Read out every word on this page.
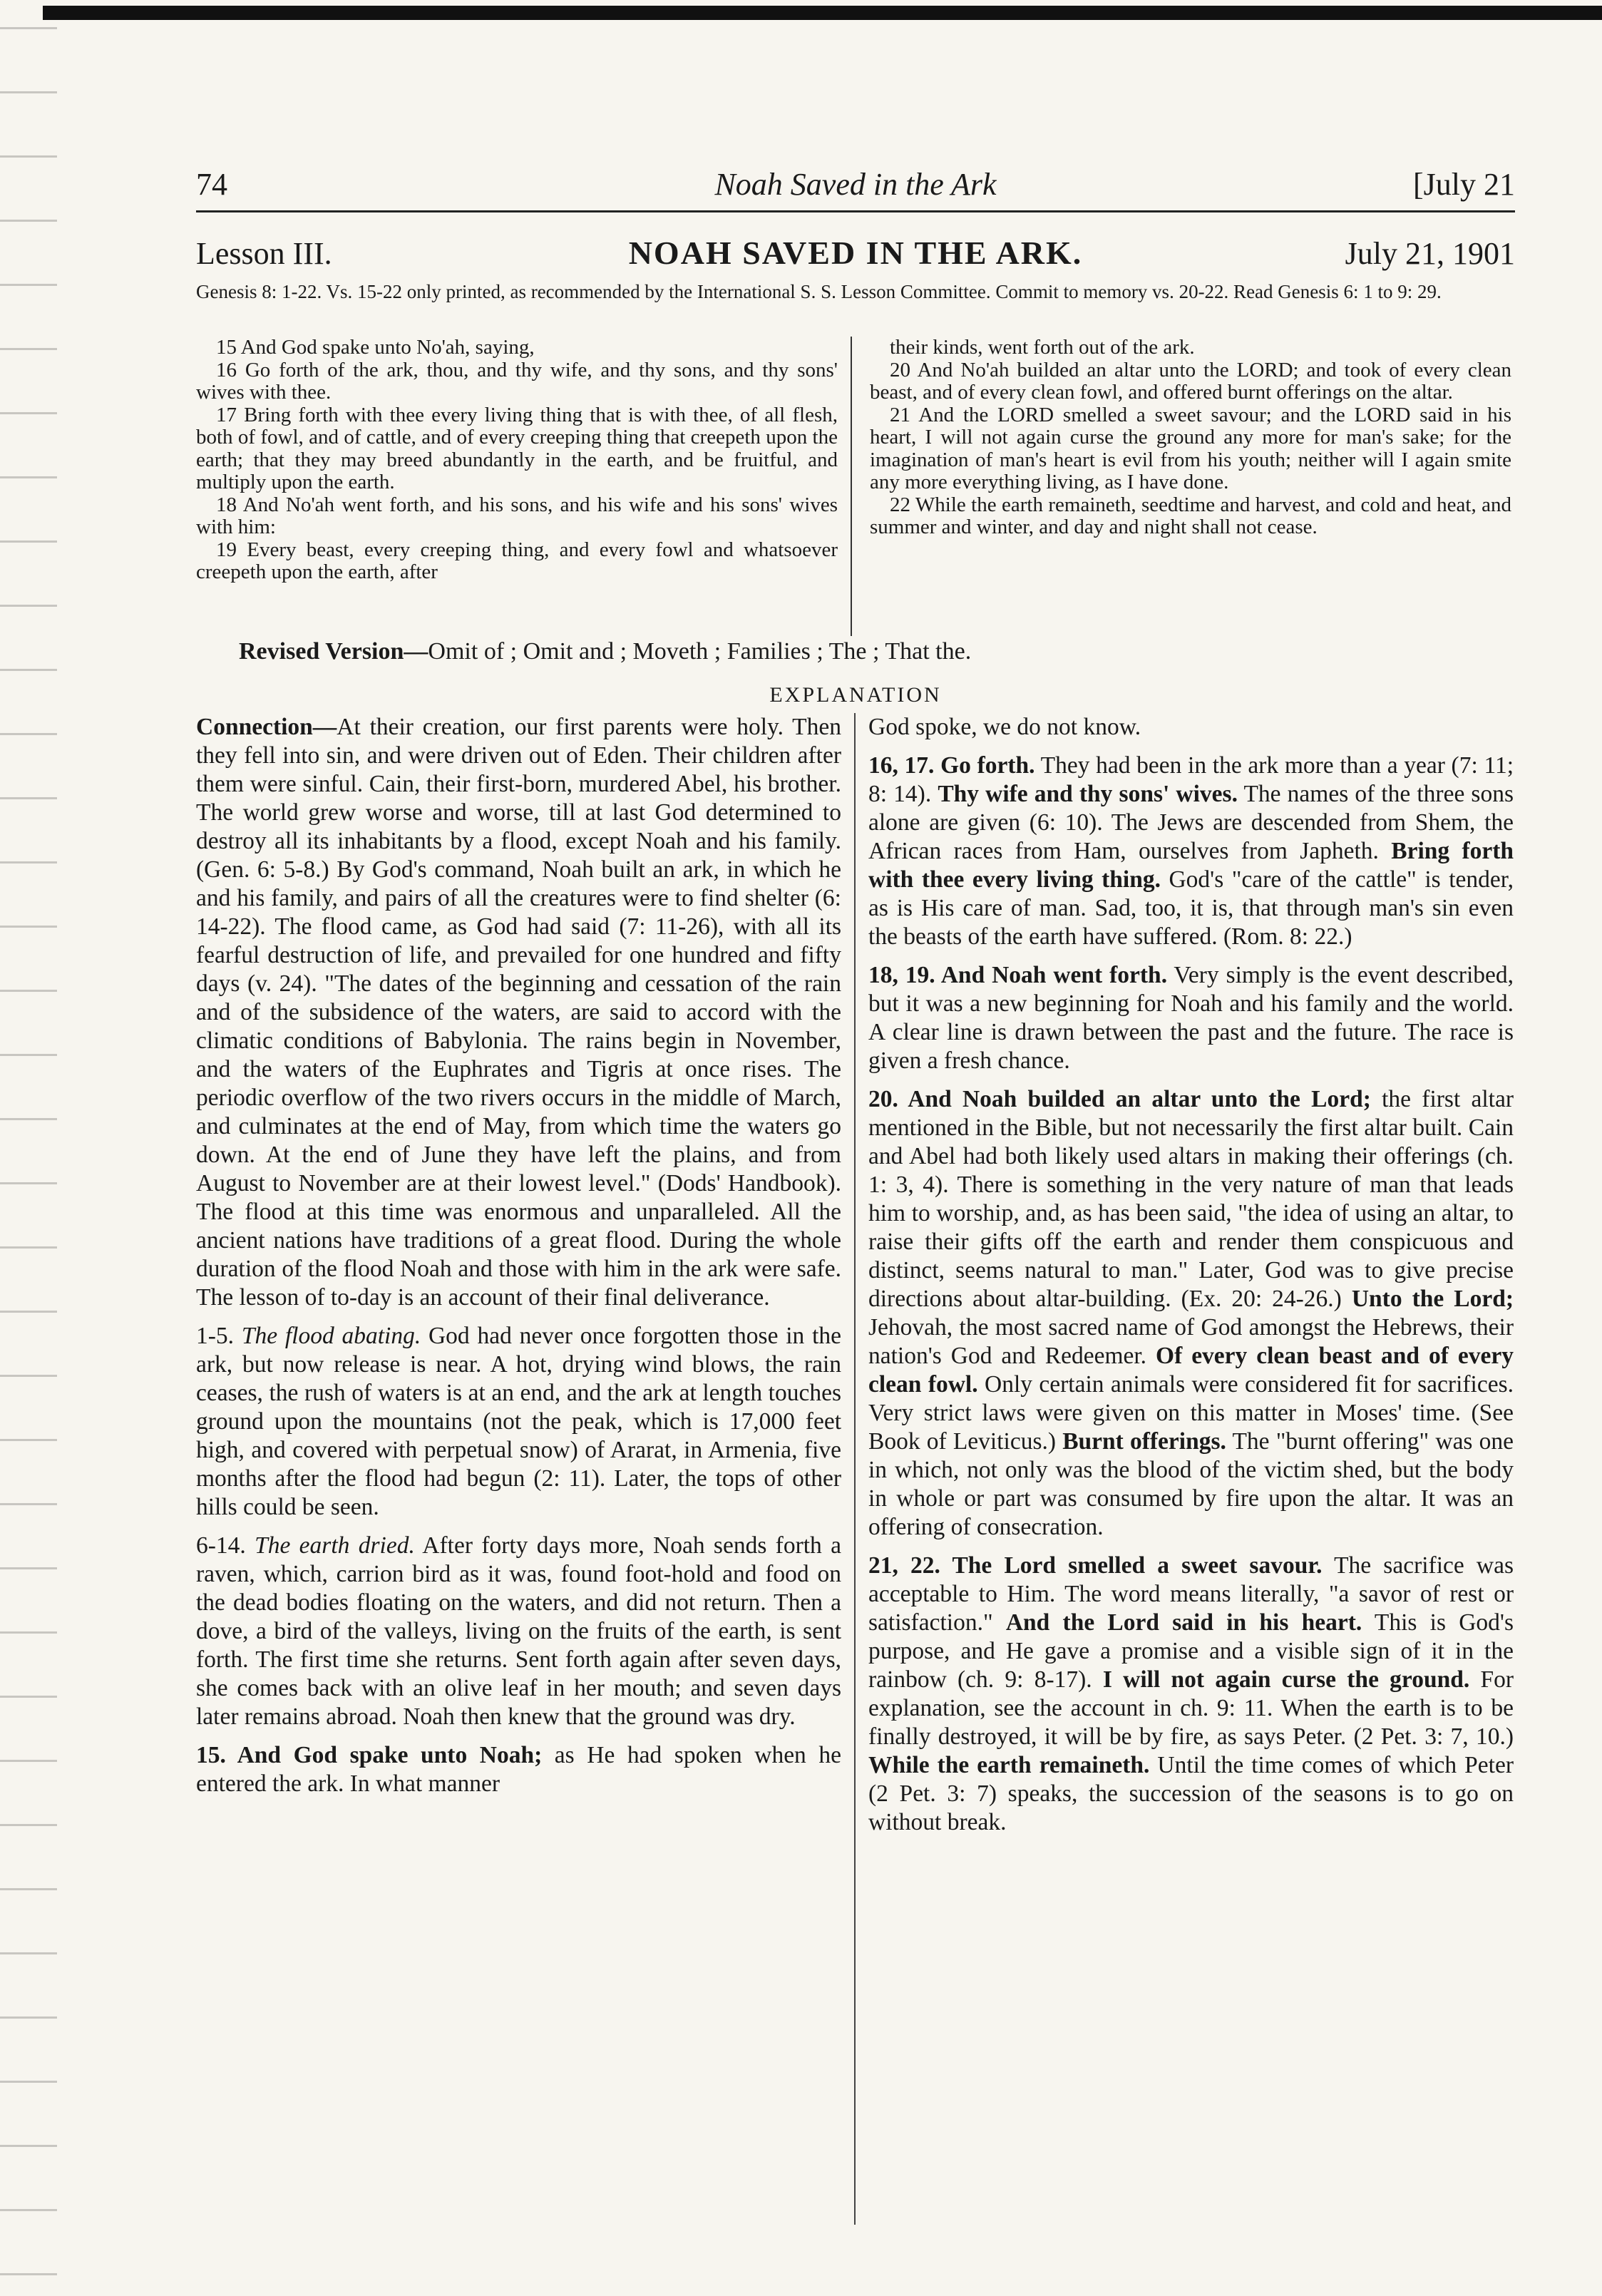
74	Noah Saved in the Ark	[July 21
Lesson III.	NOAH SAVED IN THE ARK.	July 21, 1901

Genesis 8: 1-22. Vs. 15-22 only printed, as recommended by the International S. S. Lesson Committee. Commit to memory vs. 20-22. Read Genesis 6: 1 to 9: 29.

15 And God spake unto No'ah, saying,

16 Go forth of the ark, thou, and thy wife, and thy sons, and thy sons' wives with thee.

17 Bring forth with thee every living thing that is with thee, of all flesh, both of fowl, and of cattle, and of every creeping thing that creepeth upon the earth; that they may breed abundantly in the earth, and be fruitful, and multiply upon the earth.

18 And No'ah went forth, and his sons, and his wife and his sons' wives with him:

19 Every beast, every creeping thing, and every fowl and whatsoever creepeth upon the earth, after

their kinds, went forth out of the ark.

20 And No'ah builded an altar unto the LORD; and took of every clean beast, and of every clean fowl, and offered burnt offerings on the altar.

21 And the LORD smelled a sweet savour; and the LORD said in his heart, I will not again curse the ground any more for man's sake; for the imagination of man's heart is evil from his youth; neither will I again smite any more everything living, as I have done.

22 While the earth remaineth, seedtime and harvest, and cold and heat, and summer and winter, and day and night shall not cease.

Revised Version—Omit of ; Omit and ; Moveth ; Families ; The ; That the.
EXPLANATION

Connection—At their creation, our first parents were holy. Then they fell into sin, and were driven out of Eden. Their children after them were sinful. Cain, their first-born, murdered Abel, his brother. The world grew worse and worse, till at last God determined to destroy all its inhabitants by a flood, except Noah and his family. (Gen. 6: 5-8.) By God's command, Noah built an ark, in which he and his family, and pairs of all the creatures were to find shelter (6: 14-22). The flood came, as God had said (7: 11-26), with all its fearful destruction of life, and prevailed for one hundred and fifty days (v. 24). "The dates of the beginning and cessation of the rain and of the subsidence of the waters, are said to accord with the climatic conditions of Babylonia. The rains begin in November, and the waters of the Euphrates and Tigris at once rises. The periodic overflow of the two rivers occurs in the middle of March, and culminates at the end of May, from which time the waters go down. At the end of June they have left the plains, and from August to November are at their lowest level." (Dods' Handbook). The flood at this time was enormous and unparalleled. All the ancient nations have traditions of a great flood. During the whole duration of the flood Noah and those with him in the ark were safe. The lesson of to-day is an account of their final deliverance.

1-5. The flood abating. God had never once forgotten those in the ark, but now release is near. A hot, drying wind blows, the rain ceases, the rush of waters is at an end, and the ark at length touches ground upon the mountains (not the peak, which is 17,000 feet high, and covered with perpetual snow) of Ararat, in Armenia, five months after the flood had begun (2: 11). Later, the tops of other hills could be seen.

6-14. The earth dried. After forty days more, Noah sends forth a raven, which, carrion bird as it was, found foot-hold and food on the dead bodies floating on the waters, and did not return. Then a dove, a bird of the valleys, living on the fruits of the earth, is sent forth. The first time she returns. Sent forth again after seven days, she comes back with an olive leaf in her mouth; and seven days later remains abroad. Noah then knew that the ground was dry.

15. And God spake unto Noah; as He had spoken when he entered the ark. In what manner

God spoke, we do not know.

16, 17. Go forth. They had been in the ark more than a year (7: 11; 8: 14). Thy wife and thy sons' wives. The names of the three sons alone are given (6: 10). The Jews are descended from Shem, the African races from Ham, ourselves from Japheth. Bring forth with thee every living thing. God's "care of the cattle" is tender, as is His care of man. Sad, too, it is, that through man's sin even the beasts of the earth have suffered. (Rom. 8: 22.)

18, 19. And Noah went forth. Very simply is the event described, but it was a new beginning for Noah and his family and the world. A clear line is drawn between the past and the future. The race is given a fresh chance.

20. And Noah builded an altar unto the Lord; the first altar mentioned in the Bible, but not necessarily the first altar built. Cain and Abel had both likely used altars in making their offerings (ch. 1: 3, 4). There is something in the very nature of man that leads him to worship, and, as has been said, "the idea of using an altar, to raise their gifts off the earth and render them conspicuous and distinct, seems natural to man." Later, God was to give precise directions about altar-building. (Ex. 20: 24-26.) Unto the Lord; Jehovah, the most sacred name of God amongst the Hebrews, their nation's God and Redeemer. Of every clean beast and of every clean fowl. Only certain animals were considered fit for sacrifices. Very strict laws were given on this matter in Moses' time. (See Book of Leviticus.) Burnt offerings. The "burnt offering" was one in which, not only was the blood of the victim shed, but the body in whole or part was consumed by fire upon the altar. It was an offering of consecration.

21, 22. The Lord smelled a sweet savour. The sacrifice was acceptable to Him. The word means literally, "a savor of rest or satisfaction." And the Lord said in his heart. This is God's purpose, and He gave a promise and a visible sign of it in the rainbow (ch. 9: 8-17). I will not again curse the ground. For explanation, see the account in ch. 9: 11. When the earth is to be finally destroyed, it will be by fire, as says Peter. (2 Pet. 3: 7, 10.) While the earth remaineth. Until the time comes of which Peter (2 Pet. 3: 7) speaks, the succession of the seasons is to go on without break.
